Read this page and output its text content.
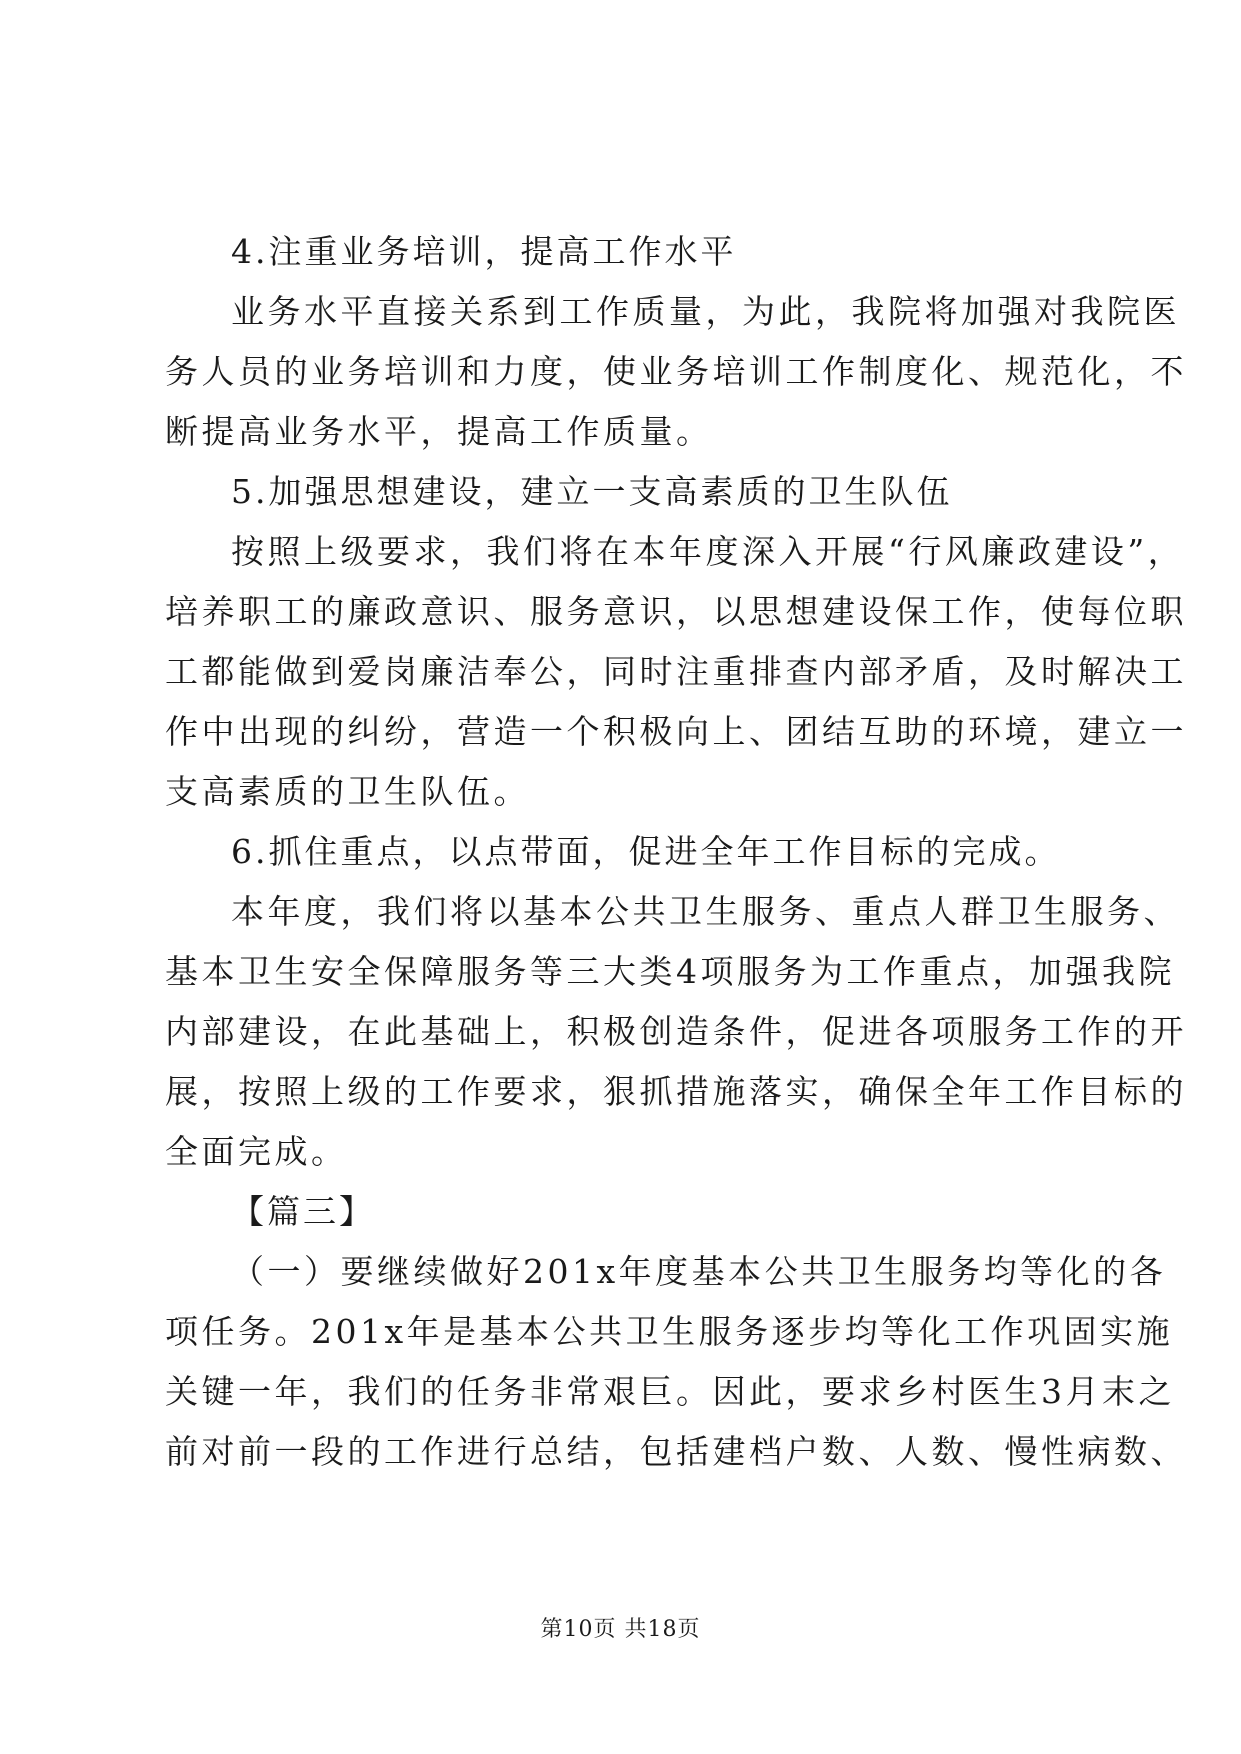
4.注重业务培训，提高工作水平
业务水平直接关系到工作质量，为此，我院将加强对我院医
务人员的业务培训和力度，使业务培训工作制度化、规范化，不
断提高业务水平，提高工作质量。
5.加强思想建设，建立一支高素质的卫生队伍
按照上级要求，我们将在本年度深入开展“行风廉政建设”，
培养职工的廉政意识、服务意识，以思想建设保工作，使每位职
工都能做到爱岗廉洁奉公，同时注重排查内部矛盾，及时解决工
作中出现的纠纷，营造一个积极向上、团结互助的环境，建立一
支高素质的卫生队伍。
6.抓住重点，以点带面，促进全年工作目标的完成。
本年度，我们将以基本公共卫生服务、重点人群卫生服务、
基本卫生安全保障服务等三大类4项服务为工作重点，加强我院
内部建设，在此基础上，积极创造条件，促进各项服务工作的开
展，按照上级的工作要求，狠抓措施落实，确保全年工作目标的
全面完成。
【篇三】
（一）要继续做好201x年度基本公共卫生服务均等化的各
项任务。201x年是基本公共卫生服务逐步均等化工作巩固实施
关键一年，我们的任务非常艰巨。因此，要求乡村医生3月末之
前对前一段的工作进行总结，包括建档户数、人数、慢性病数、
第10页 共18页
